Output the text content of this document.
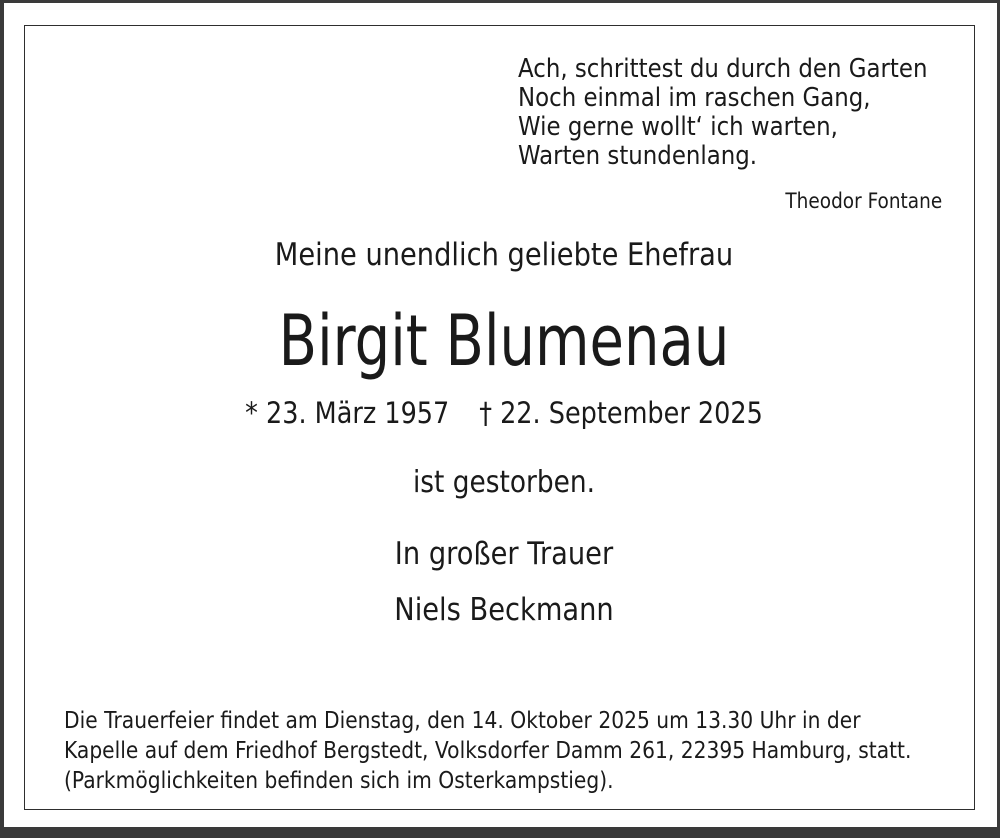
Ach, schrittest du durch den Garten
Noch einmal im raschen Gang,
Wie gerne wollt‘ ich warten,
Warten stundenlang.
Theodor Fontane
Meine unendlich geliebte Ehefrau
Birgit Blumenau
* 23. März 1957 † 22. September 2025
ist gestorben.
In großer Trauer
Niels Beckmann
Die Trauerfeier findet am Dienstag, den 14. Oktober 2025 um 13.30 Uhr in der
Kapelle auf dem Friedhof Bergstedt, Volksdorfer Damm 261, 22395 Hamburg, statt.
(Parkmöglichkeiten befinden sich im Osterkampstieg).
